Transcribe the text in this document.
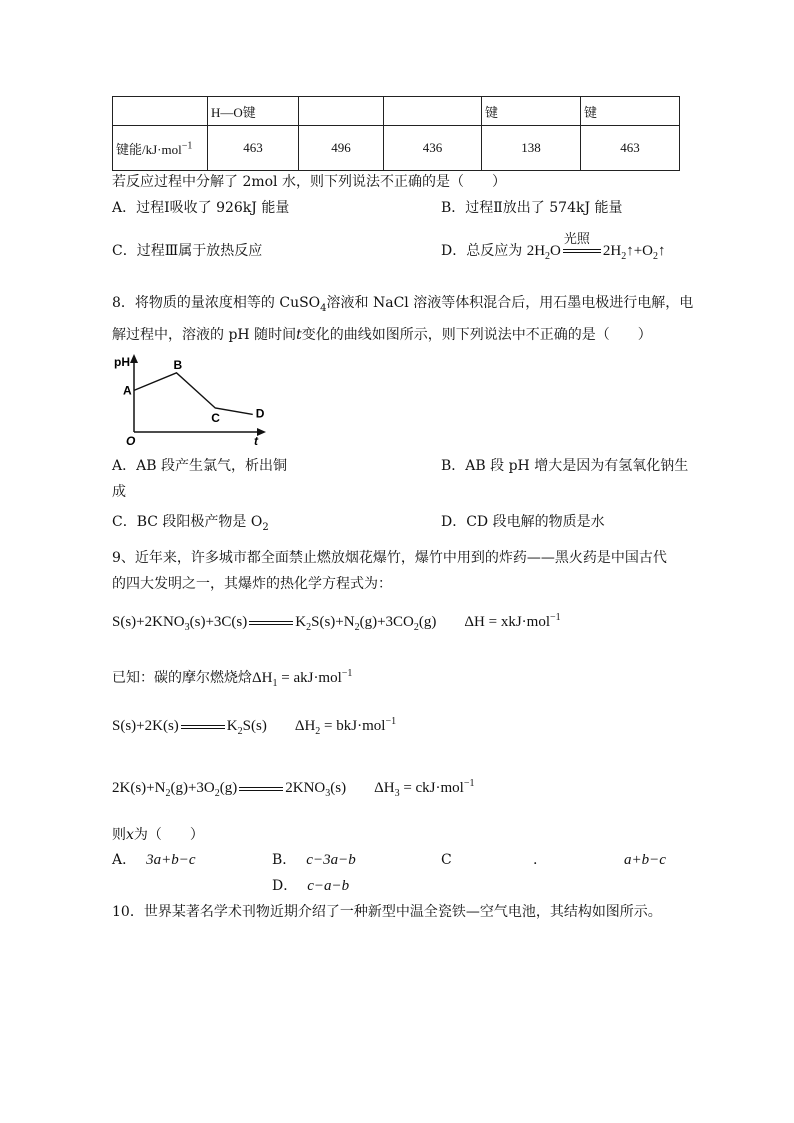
	H—O键			键	键
键能/kJ·mol$^{-1}$	463	496	436	138	463
若反应过程中分解了 2mol 水，则下列说法不正确的是（　　）
A．过程Ⅰ吸收了 926kJ 能量	B．过程Ⅱ放出了 574kJ 能量
C．过程Ⅲ属于放热反应	D．总反应为 $2H_2O$
光照
$2H_2↑+O_2↑$
8．将物质的量浓度相等的 CuSO$_4$溶液和 NaCl 溶液等体积混合后，用石墨电极进行电解，电
解过程中，溶液的 pH 随时间t变化的曲线如图所示，则下列说法中不正确的是（　　）
pH
t
O
A
B
C	D
A．AB 段产生氯气，析出铜	B．AB 段 pH 增大是因为有氢氧化钠生
成
C．BC 段阳极产物是 $O_2$	D．CD 段电解的物质是水
9、近年来，许多城市都全面禁止燃放烟花爆竹，爆竹中用到的炸药——黑火药是中国古代
的四大发明之一，其爆炸的热化学方程式为：
$S(s)+2KNO_3(s)+3C(s)$	$K_2S(s)+N_2(g)+3CO_2(g) \Delta H = xkJ\cdot mol^{-1}$
已知：碳的摩尔燃烧焓$\Delta H_1 = akJ\cdot mol^{-1}$
S(s)+2K(s)	$K_2S(s) \Delta H_2 = bkJ\cdot mol^{-1}$
$2K(s)+N_2(g)+3O_2(g)$	$2KNO_3(s) \Delta H_3 = ckJ\cdot mol^{-1}$
则x为（　　）
A． 3a+b−c	B． c−3a−b	C	.	a+b−c
D． c−a−b
10．世界某著名学术刊物近期介绍了一种新型中温全瓷铁—空气电池，其结构如图所示。
